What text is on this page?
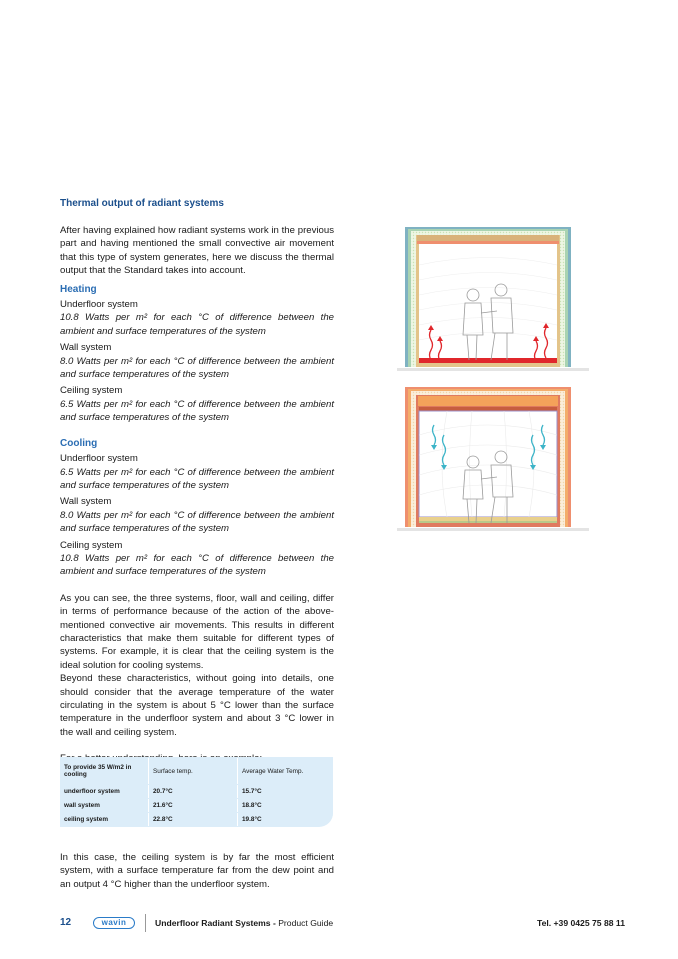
Thermal output of radiant systems

After having explained how radiant systems work in the previous part and having mentioned the small convective air movement that this type of system generates, here we discuss the thermal output that the Standard takes into account.

Heating

Underfloor system

10.8 Watts per m² for each °C of difference between the ambient and surface temperatures of the system

Wall system

8.0 Watts per m² for each °C of difference between the ambient and surface temperatures of the system

Ceiling system

6.5 Watts per m² for each °C of difference between the ambient and surface temperatures of the system

Cooling

Underfloor system

6.5 Watts per m² for each °C of difference between the ambient and surface temperatures of the system

Wall system

8.0 Watts per m² for each °C of difference between the ambient and surface temperatures of the system

Ceiling system

10.8 Watts per m² for each °C of difference between the ambient and surface temperatures of the system

As you can see, the three systems, floor, wall and ceiling, differ in terms of performance because of the action of the above-mentioned convective air movements. This results in different characteristics that make them suitable for different types of systems. For example, it is clear that the ceiling system is the ideal solution for cooling systems.

Beyond these characteristics, without going into details, one should consider that the average temperature of the water circulating in the system is about 5 °C lower than the surface temperature in the underfloor system and about 3 °C lower in the wall and ceiling system.

To provide 35 W/m2 in cooling	Surface temp.	Average Water Temp.
underfloor system	20.7°C	15.7°C
wall system	21.6°C	18.8°C
ceiling system	22.8°C	19.8°C

In this case, the ceiling system is by far the most efficient system, with a surface temperature far from the dew point and an output 4 °C higher than the underfloor system.

12	wavin	Underfloor Radiant Systems - Product Guide	Tel. +39 0425 75 88 11
